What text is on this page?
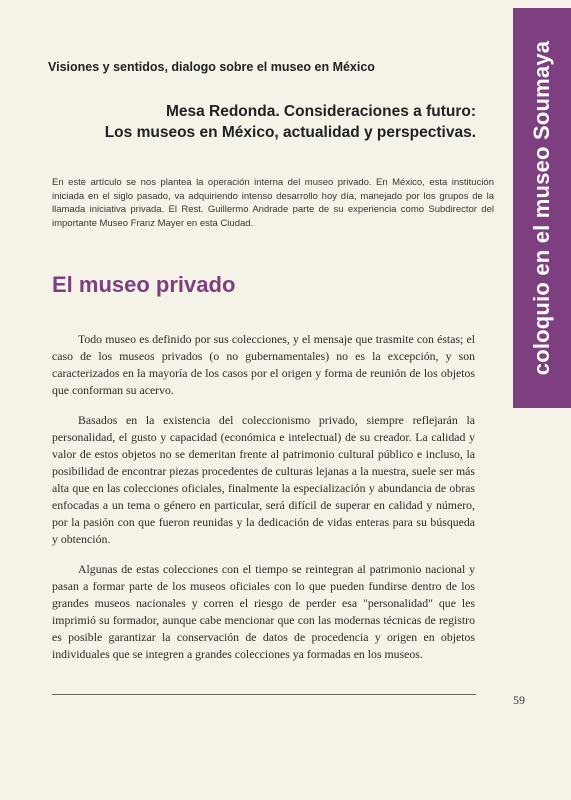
coloquio en el museo Soumaya
Visiones y sentidos, dialogo sobre el museo en México
Mesa Redonda. Consideraciones a futuro:
Los museos en México, actualidad y perspectivas.
En este artículo se nos plantea la operación interna del museo privado. En México, esta institución iniciada en el siglo pasado, va adquiriendo intenso desarrollo hoy día, manejado por los grupos de la llamada iniciativa privada. El Rest. Guillermo Andrade parte de su experiencia como Subdirector del importante Museo Franz Mayer en esta Ciudad.
El museo privado

Todo museo es definido por sus colecciones, y el mensaje que trasmite con éstas; el caso de los museos privados (o no gubernamentales) no es la excepción, y son caracterizados en la mayoría de los casos por el origen y forma de reunión de los objetos que conforman su acervo.

Basados en la existencia del coleccionismo privado, siempre reflejarán la personalidad, el gusto y capacidad (económica e intelectual) de su creador. La calidad y valor de estos objetos no se demeritan frente al patrimonio cultural público e incluso, la posibilidad de encontrar piezas procedentes de culturas lejanas a la nuestra, suele ser más alta que en las colecciones oficiales, finalmente la especialización y abundancia de obras enfocadas a un tema o género en particular, será difícil de superar en calidad y número, por la pasión con que fueron reunidas y la dedicación de vidas enteras para su búsqueda y obtención.

Algunas de estas colecciones con el tiempo se reintegran al patrimonio nacional y pasan a formar parte de los museos oficiales con lo que pueden fundirse dentro de los grandes museos nacionales y corren el riesgo de perder esa "personalidad" que les imprimió su formador, aunque cabe mencionar que con las modernas técnicas de registro es posible garantizar la conservación de datos de procedencia y origen en objetos individuales que se integren a grandes colecciones ya formadas en los museos.

59
